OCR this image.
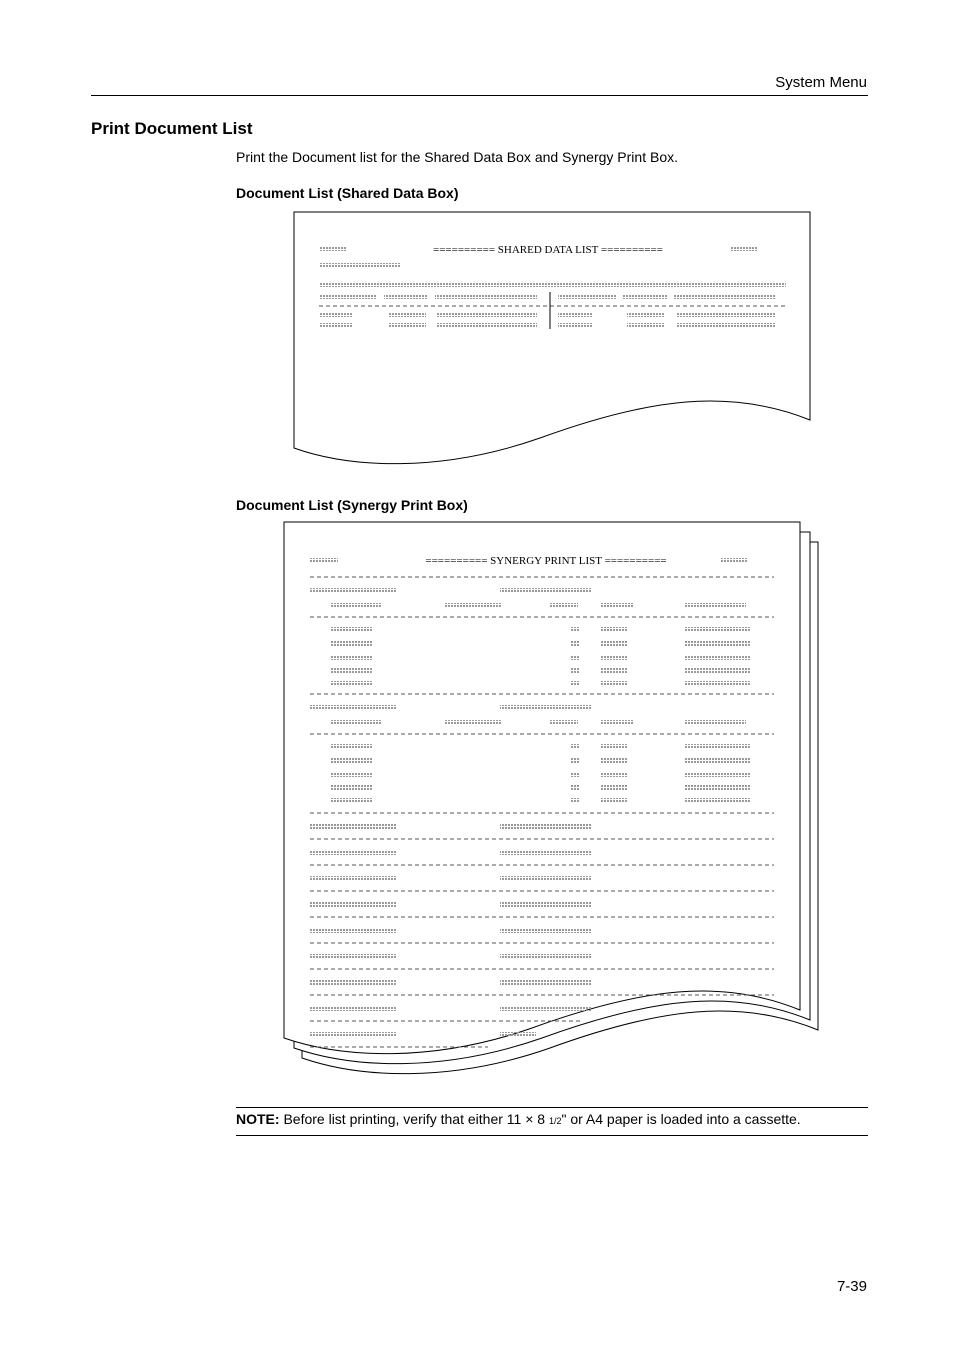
System Menu
Print Document List
Print the Document list for the Shared Data Box and Synergy Print Box.
Document List (Shared Data Box)
========== SHARED DATA LIST ==========
Document List (Synergy Print Box)
========== SYNERGY PRINT LIST ==========
NOTE: Before list printing, verify that either 11 × 8 1/2" or A4 paper is loaded into a cassette.
7-39
